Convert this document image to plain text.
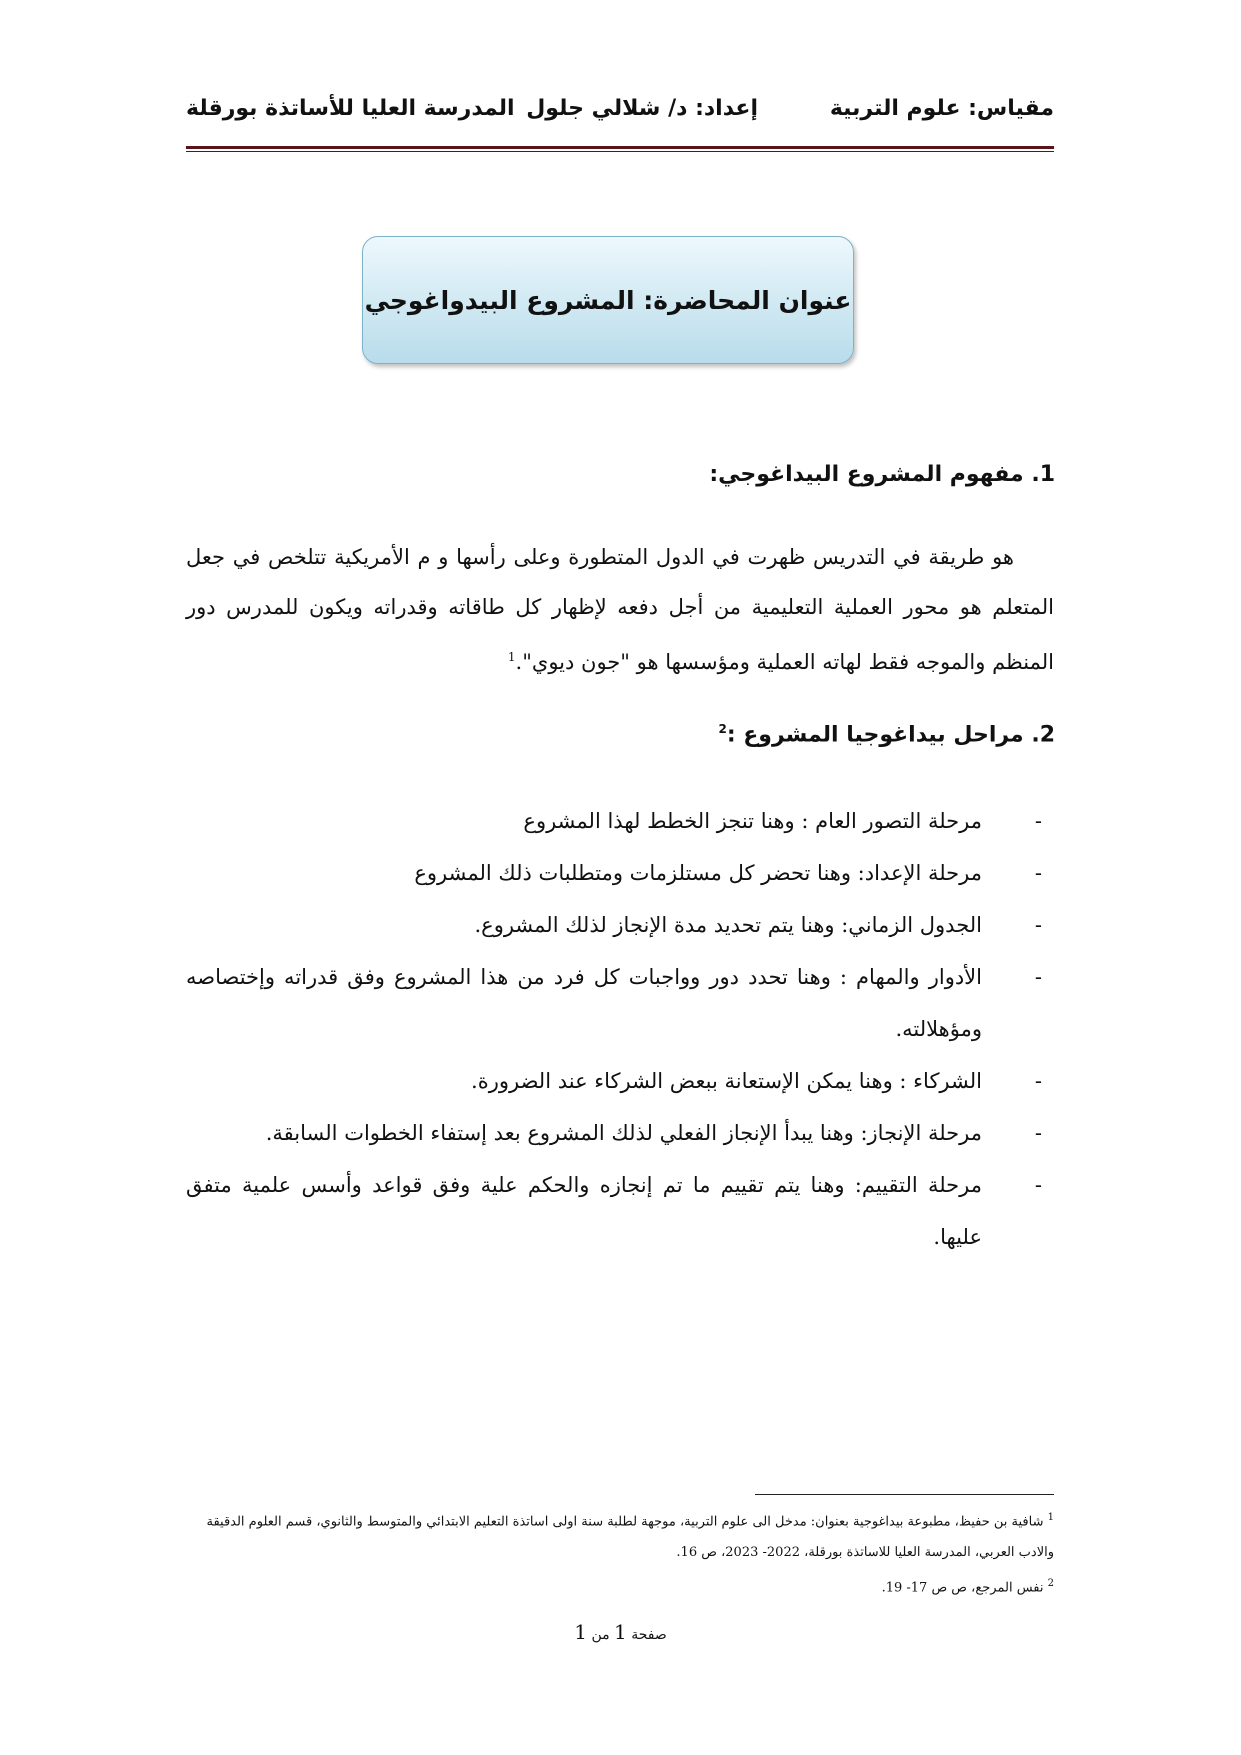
مقياس: علوم التربية
إعداد: د/ شلالي جلول
المدرسة العليا للأساتذة بورقلة
عنوان المحاضرة: المشروع البيدواغوجي
1. مفهوم المشروع البيداغوجي:
هو طريقة في التدريس ظهرت في الدول المتطورة وعلى رأسها و م الأمريكية تتلخص في جعل المتعلم هو محور العملية التعليمية من أجل دفعه لإظهار كل طاقاته وقدراته ويكون للمدرس دور المنظم والموجه فقط لهاته العملية ومؤسسها هو "جون ديوي".$^1$
2. مراحل بيداغوجيا المشروع :$^2$
-
مرحلة التصور العام : وهنا تنجز الخطط لهذا المشروع
-
مرحلة الإعداد: وهنا تحضر كل مستلزمات ومتطلبات ذلك المشروع
-
الجدول الزماني: وهنا يتم تحديد مدة الإنجاز لذلك المشروع.
-
الأدوار والمهام : وهنا تحدد دور وواجبات كل فرد من هذا المشروع وفق قدراته وإختصاصه ومؤهلالته.
-
الشركاء : وهنا يمكن الإستعانة ببعض الشركاء عند الضرورة.
-
مرحلة الإنجاز: وهنا يبدأ الإنجاز الفعلي لذلك المشروع بعد إستفاء الخطوات السابقة.
-
مرحلة التقييم: وهنا يتم تقييم ما تم إنجازه والحكم علية وفق قواعد وأسس علمية متفق عليها.

$^1$ شافية بن حفيظ، مطبوعة بيداغوجية بعنوان: مدخل الى علوم التربية، موجهة لطلبة سنة اولى اساتذة التعليم الابتدائي والمتوسط والثانوي، قسم العلوم الدقيقة والادب العربي، المدرسة العليا للاساتذة بورقلة، 2022- 2023، ص 16.

$^2$ نفس المرجع، ص ص 17- 19.

صفحة 1 من 1
